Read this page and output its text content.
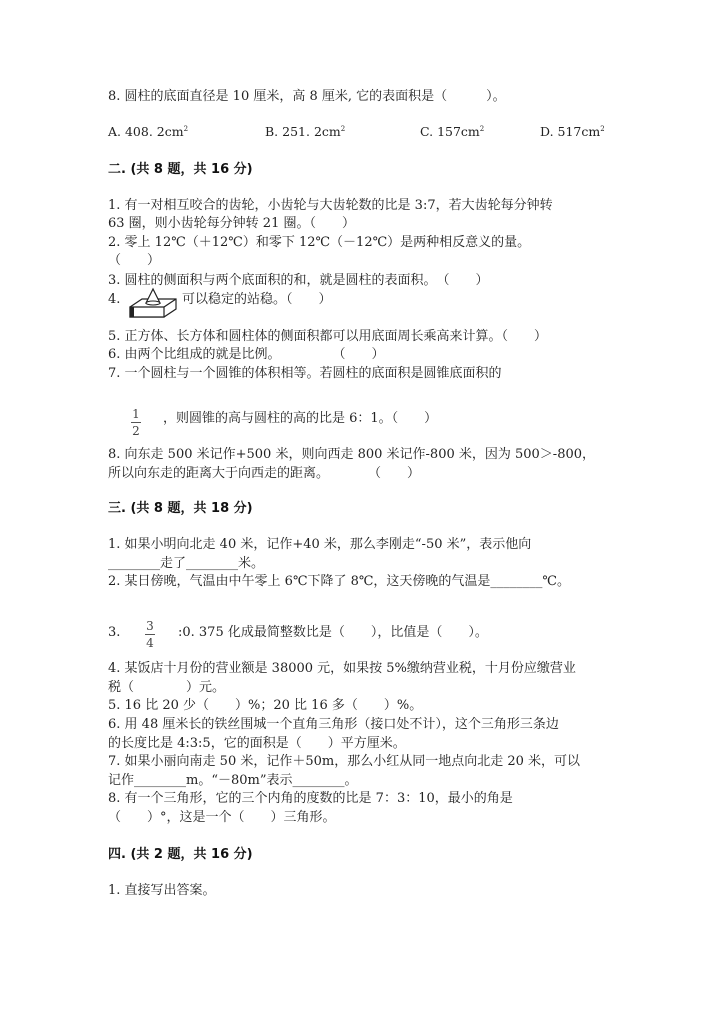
8. 圆柱的底面直径是 10 厘米，高 8 厘米, 它的表面积是（　　　）。
A. 408. $2cm^2$	B. 251. $2cm^2$	C. $157cm^2$	D. $517cm^2$
二. (共 8 题，共 16 分)
1. 有一对相互咬合的齿轮，小齿轮与大齿轮数的比是 3:7，若大齿轮每分钟转
63 圈，则小齿轮每分钟转 21 圈。（　　）
2. 零上 12℃（＋12℃）和零下 12℃（－12℃）是两种相反意义的量。
（　　）
3. 圆柱的侧面积与两个底面积的和，就是圆柱的表面积。　（　　）
4.	可以稳定的站稳。（　　）
5. 正方体、长方体和圆柱体的侧面积都可以用底面周长乘高来计算。（　　）
6. 由两个比组成的就是比例。　　　　　（　　）
7. 一个圆柱与一个圆锥的体积相等。若圆柱的底面积是圆锥底面积的
1
2
，则圆锥的高与圆柱的高的比是 6：1。（　　）
8. 向东走 500 米记作+500 米，则向西走 800 米记作-800 米，因为 500＞-800，
所以向东走的距离大于向西走的距离。　　　　（　　）
三. (共 8 题，共 18 分)
1. 如果小明向北走 40 米，记作+40 米，那么李刚走“-50 米”，表示他向
________走了________米。
2. 某日傍晚，气温由中午零上 6℃下降了 8℃，这天傍晚的气温是________℃。
3. 3
4
:0. 375 化成最简整数比是（　　），比值是（　　）。
4. 某饭店十月份的营业额是 38000 元，如果按 5%缴纳营业税，十月份应缴营业
税（　　　　）元。
5. 16 比 20 少（　　）%；20 比 16 多（　　）%。
6. 用 48 厘米长的铁丝围城一个直角三角形（接口处不计），这个三角形三条边
的长度比是 4:3:5，它的面积是（　　）平方厘米。
7. 如果小丽向南走 50 米，记作＋50m，那么小红从同一地点向北走 20 米，可以
记作________m。“－80m”表示________。
8. 有一个三角形，它的三个内角的度数的比是 7：3：10，最小的角是
（　　）°，这是一个（　　）三角形。
四. (共 2 题，共 16 分)
1. 直接写出答案。
